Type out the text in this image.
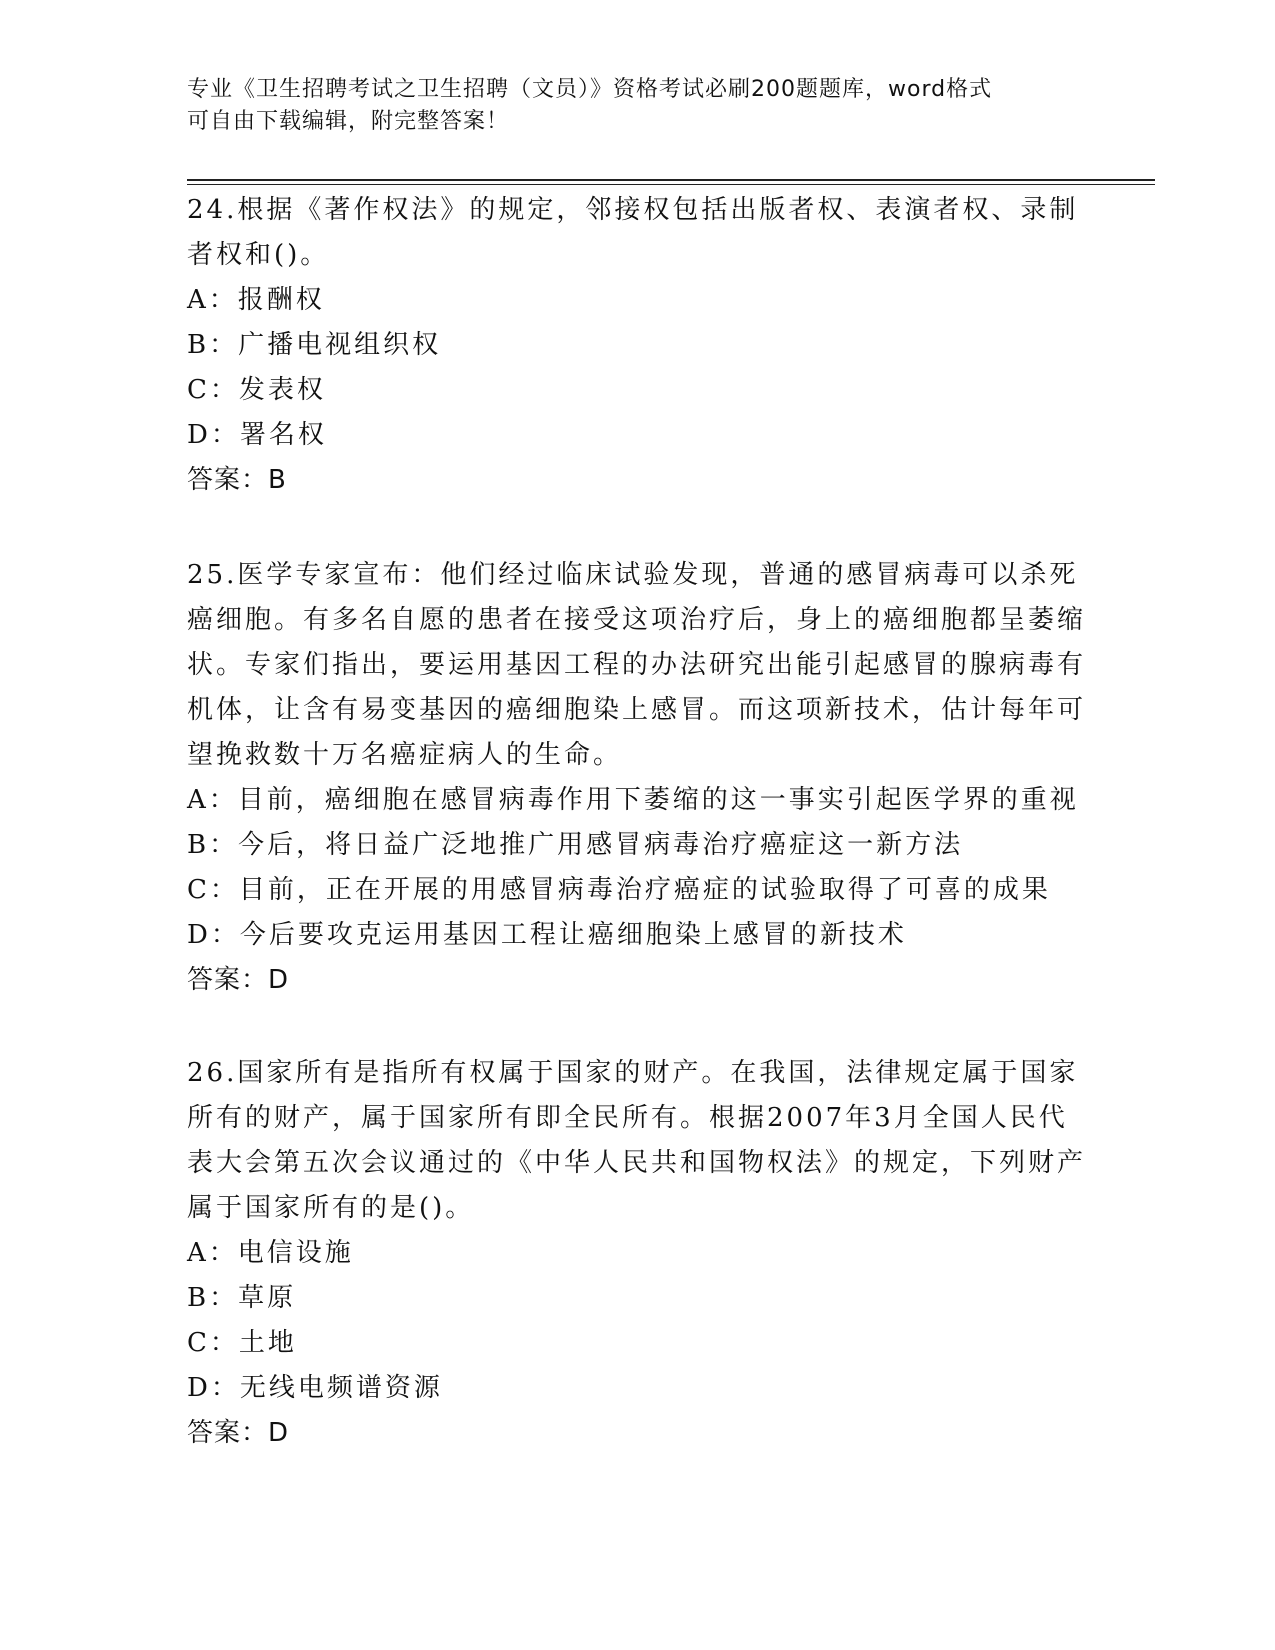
专业《卫生招聘考试之卫生招聘（文员）》资格考试必刷200题题库，word格式
可自由下载编辑，附完整答案！

24.根据《著作权法》的规定，邻接权包括出版者权、表演者权、录制者权和()。

A：报酬权

B：广播电视组织权

C：发表权

D：署名权

答案：B

25.医学专家宣布：他们经过临床试验发现，普通的感冒病毒可以杀死癌细胞。有多名自愿的患者在接受这项治疗后，身上的癌细胞都呈萎缩状。专家们指出，要运用基因工程的办法研究出能引起感冒的腺病毒有机体，让含有易变基因的癌细胞染上感冒。而这项新技术，估计每年可望挽救数十万名癌症病人的生命。

A：目前，癌细胞在感冒病毒作用下萎缩的这一事实引起医学界的重视

B：今后，将日益广泛地推广用感冒病毒治疗癌症这一新方法

C：目前，正在开展的用感冒病毒治疗癌症的试验取得了可喜的成果

D：今后要攻克运用基因工程让癌细胞染上感冒的新技术

答案：D

26.国家所有是指所有权属于国家的财产。在我国，法律规定属于国家所有的财产，属于国家所有即全民所有。根据2007年3月全国人民代表大会第五次会议通过的《中华人民共和国物权法》的规定，下列财产属于国家所有的是()。

A：电信设施

B：草原

C：土地

D：无线电频谱资源

答案：D
